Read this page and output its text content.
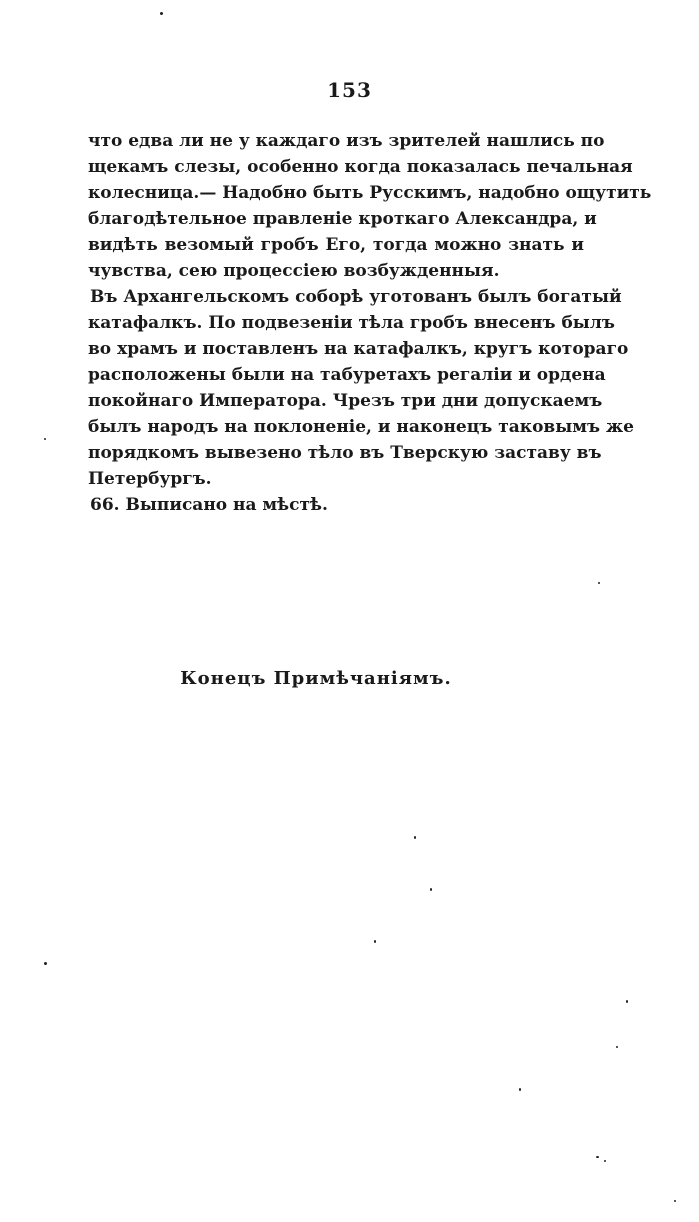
153
что едва ли не у каждаго изъ зрителей нашлись по
щекамъ слезы, особенно когда показалась печальная
колесница.— Надобно быть Русскимъ, надобно ощутить
благодѣтельное правленіе кроткаго Александра, и
видѣть везомый гробъ Его, тогда можно знать и
чувства, сею процессіею возбужденныя.
Въ Архангельскомъ соборѣ уготованъ былъ богатый
катафалкъ. По подвезеніи тѣла гробъ внесенъ былъ
во храмъ и поставленъ на катафалкъ, кругъ котораго
расположены были на табуретахъ регаліи и ордена
покойнаго Императора. Чрезъ три дни допускаемъ
былъ народъ на поклоненіе, и наконецъ таковымъ же
порядкомъ вывезено тѣло въ Тверскую заставу въ
Петербургъ.
66. Выписано на мѣстѣ.
Конецъ Примѣчаніямъ.
